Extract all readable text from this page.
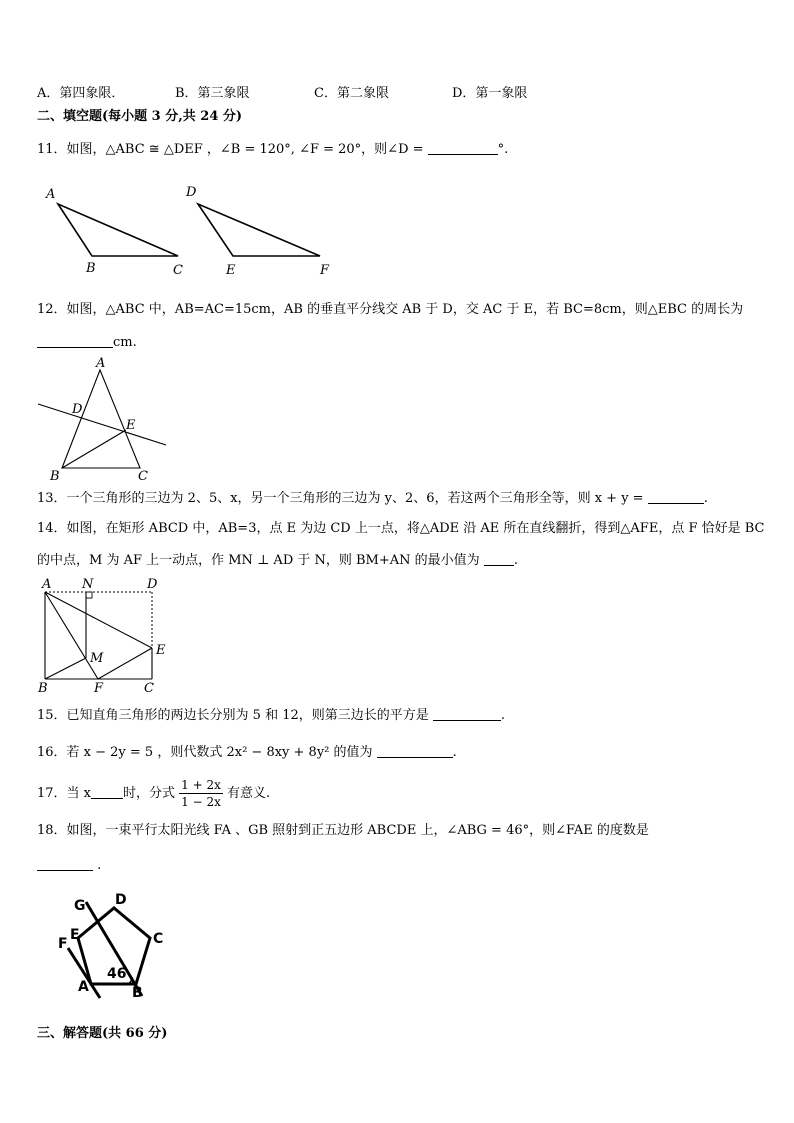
A．第四象限．	B．第三象限	C．第二象限	D．第一象限
二、填空题(每小题 3 分,共 24 分)
11．如图，△ABC ≅ △DEF ，∠B = 120°, ∠F = 20°，则∠D =	°.
A
B	C
D
E	F
12．如图，△ABC 中，AB=AC=15cm，AB 的垂直平分线交 AB 于 D，交 AC 于 E，若 BC=8cm，则△EBC 的周长为
cm.
A
D
E
B	C
13．一个三角形的三边为 2、5、x，另一个三角形的三边为 y、2、6，若这两个三角形全等，则 x + y =	.
14．如图，在矩形 ABCD 中，AB=3，点 E 为边 CD 上一点，将△ADE 沿 AE 所在直线翻折，得到△AFE，点 F 恰好是 BC
的中点，M 为 AF 上一动点，作 MN ⊥ AD 于 N，则 BM+AN 的最小值为	.
A N	D
M
E
B	F	C
15．已知直角三角形的两边长分别为 5 和 12，则第三边长的平方是	.
16．若 x − 2y = 5 ，则代数式 2x² − 8xy + 8y² 的值为	.
17．当 x 时，分式 $\frac{1 + 2x}{1 - 2x}$ 有意义.
18．如图，一束平行太阳光线 FA 、GB 照射到正五边形 ABCDE 上，∠ABG = 46°，则∠FAE 的度数是
.
G D
E	C
F
46
A	B
三、解答题(共 66 分)
